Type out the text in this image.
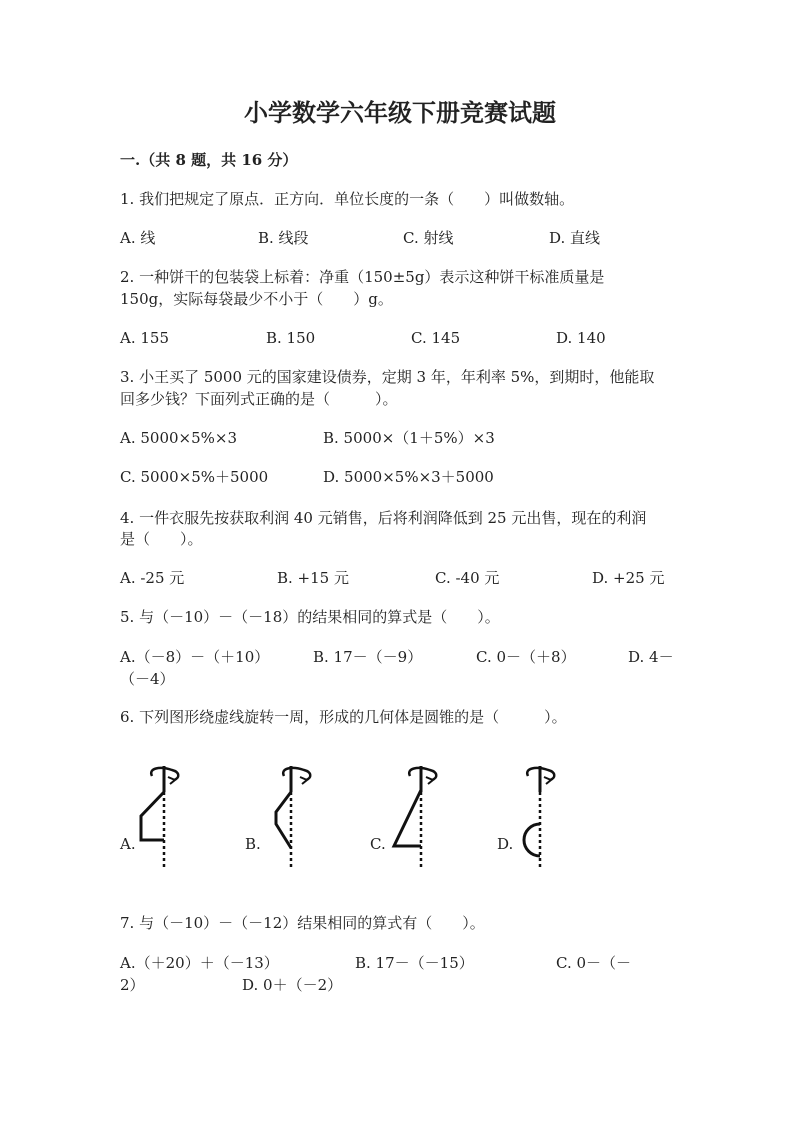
小学数学六年级下册竞赛试题
一.（共 8 题，共 16 分）
1. 我们把规定了原点．正方向．单位长度的一条（　　）叫做数轴。
A. 线	B. 线段	C. 射线	D. 直线
2. 一种饼干的包装袋上标着：净重（150±5g）表示这种饼干标准质量是
150g，实际每袋最少不小于（　　）g。
A. 155	B. 150	C. 145	D. 140
3. 小王买了 5000 元的国家建设债券，定期 3 年，年利率 5%，到期时，他能取
回多少钱？下面列式正确的是（　　　）。
A. 5000×5%×3	B. 5000×（1＋5%）×3
C. 5000×5%＋5000	D. 5000×5%×3＋5000
4. 一件衣服先按获取利润 40 元销售，后将利润降低到 25 元出售，现在的利润
是（　　）。
A. -25 元	B. +15 元	C. -40 元	D. +25 元
5. 与（－10）－（－18）的结果相同的算式是（　　）。
A.（－8）－（＋10）	B. 17－（－9）	C. 0－（＋8）	D. 4－
（－4）
6. 下列图形绕虚线旋转一周，形成的几何体是圆锥的是（　　　）。
A.	B.	C.	D.
7. 与（－10）－（－12）结果相同的算式有（　　）。
A.（＋20）＋（－13）	B. 17－（－15）	C. 0－（－
2）	D. 0＋（－2）
